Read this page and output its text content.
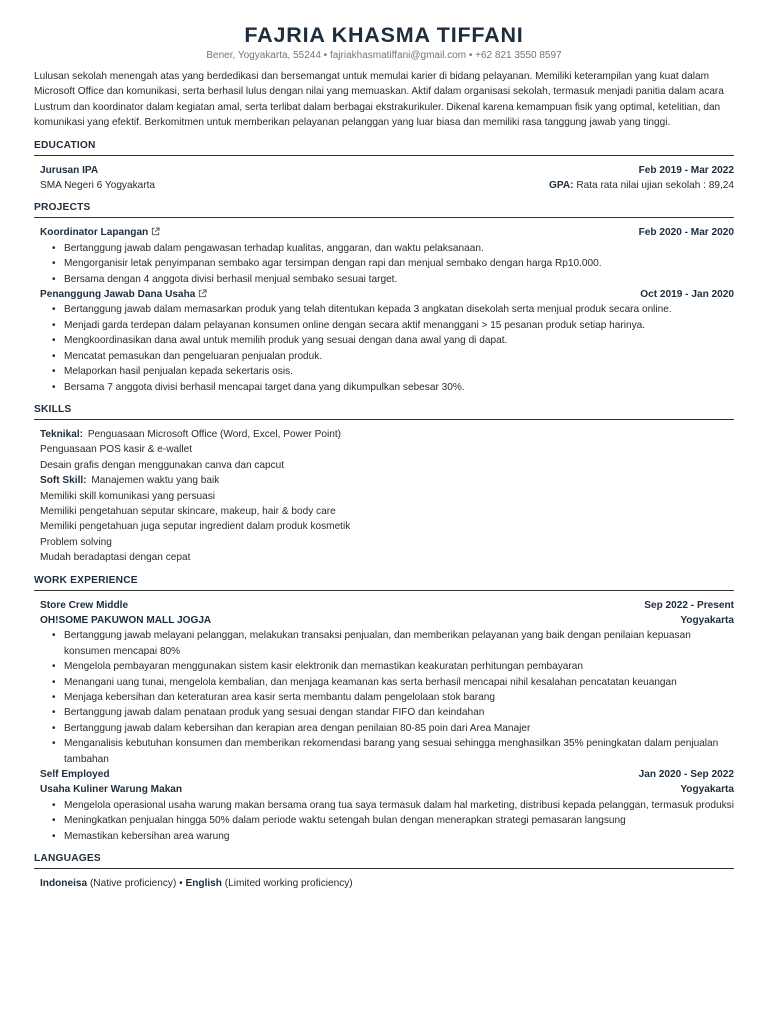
FAJRIA KHASMA TIFFANI
Bener, Yogyakarta, 55244 • fajriakhasmatiffani@gmail.com • +62 821 3550 8597
Lulusan sekolah menengah atas yang berdedikasi dan bersemangat untuk memulai karier di bidang pelayanan. Memiliki keterampilan yang kuat dalam Microsoft Office dan komunikasi, serta berhasil lulus dengan nilai yang memuaskan. Aktif dalam organisasi sekolah, termasuk menjadi panitia dalam acara Lustrum dan koordinator dalam kegiatan amal, serta terlibat dalam berbagai ekstrakurikuler. Dikenal karena kemampuan fisik yang optimal, ketelitian, dan komunikasi yang efektif. Berkomitmen untuk memberikan pelayanan pelanggan yang luar biasa dan memiliki rasa tanggung jawab yang tinggi.
EDUCATION
Jurusan IPA	Feb 2019 - Mar 2022
SMA Negeri 6 Yogyakarta	GPA: Rata rata nilai ujian sekolah : 89,24
PROJECTS
Koordinator Lapangan	Feb 2020 - Mar 2020
• Bertanggung jawab dalam pengawasan terhadap kualitas, anggaran, dan waktu pelaksanaan.
• Mengorganisir letak penyimpanan sembako agar tersimpan dengan rapi dan menjual sembako dengan harga Rp10.000.
• Bersama dengan 4 anggota divisi berhasil menjual sembako sesuai target.
Penanggung Jawab Dana Usaha	Oct 2019 - Jan 2020
• Bertanggung jawab dalam memasarkan produk yang telah ditentukan kepada 3 angkatan disekolah serta menjual produk secara online.
• Menjadi garda terdepan dalam pelayanan konsumen online dengan secara aktif menanggani > 15 pesanan produk setiap harinya.
• Mengkoordinasikan dana awal untuk memilih produk yang sesuai dengan dana awal yang di dapat.
• Mencatat pemasukan dan pengeluaran penjualan produk.
• Melaporkan hasil penjualan kepada sekertaris osis.
• Bersama 7 anggota divisi berhasil mencapai target dana yang dikumpulkan sebesar 30%.
SKILLS
Teknikal: Penguasaan Microsoft Office (Word, Excel, Power Point)
Penguasaan POS kasir & e-wallet
Desain grafis dengan menggunakan canva dan capcut
Soft Skill: Manajemen waktu yang baik
Memiliki skill komunikasi yang persuasi
Memiliki pengetahuan seputar skincare, makeup, hair & body care
Memiliki pengetahuan juga seputar ingredient dalam produk kosmetik
Problem solving
Mudah beradaptasi dengan cepat
WORK EXPERIENCE
Store Crew Middle	Sep 2022 - Present
OH!SOME PAKUWON MALL JOGJA	Yogyakarta
• Bertanggung jawab melayani pelanggan, melakukan transaksi penjualan, dan memberikan pelayanan yang baik dengan penilaian kepuasan konsumen mencapai 80%
• Mengelola pembayaran menggunakan sistem kasir elektronik dan memastikan keakuratan perhitungan pembayaran
• Menangani uang tunai, mengelola kembalian, dan menjaga keamanan kas serta berhasil mencapai nihil kesalahan pencatatan keuangan
• Menjaga kebersihan dan keteraturan area kasir serta membantu dalam pengelolaan stok barang
• Bertanggung jawab dalam penataan produk yang sesuai dengan standar FIFO dan keindahan
• Bertanggung jawab dalam kebersihan dan kerapian area dengan penilaian 80-85 poin dari Area Manajer
• Menganalisis kebutuhan konsumen dan memberikan rekomendasi barang yang sesuai sehingga menghasilkan 35% peningkatan dalam penjualan tambahan
Self Employed	Jan 2020 - Sep 2022
Usaha Kuliner Warung Makan	Yogyakarta
• Mengelola operasional usaha warung makan bersama orang tua saya termasuk dalam hal marketing, distribusi kepada pelanggan, termasuk produksi
• Meningkatkan penjualan hingga 50% dalam periode waktu setengah bulan dengan menerapkan strategi pemasaran langsung
• Memastikan kebersihan area warung
LANGUAGES
Indoneisa (Native proficiency) • English (Limited working proficiency)
